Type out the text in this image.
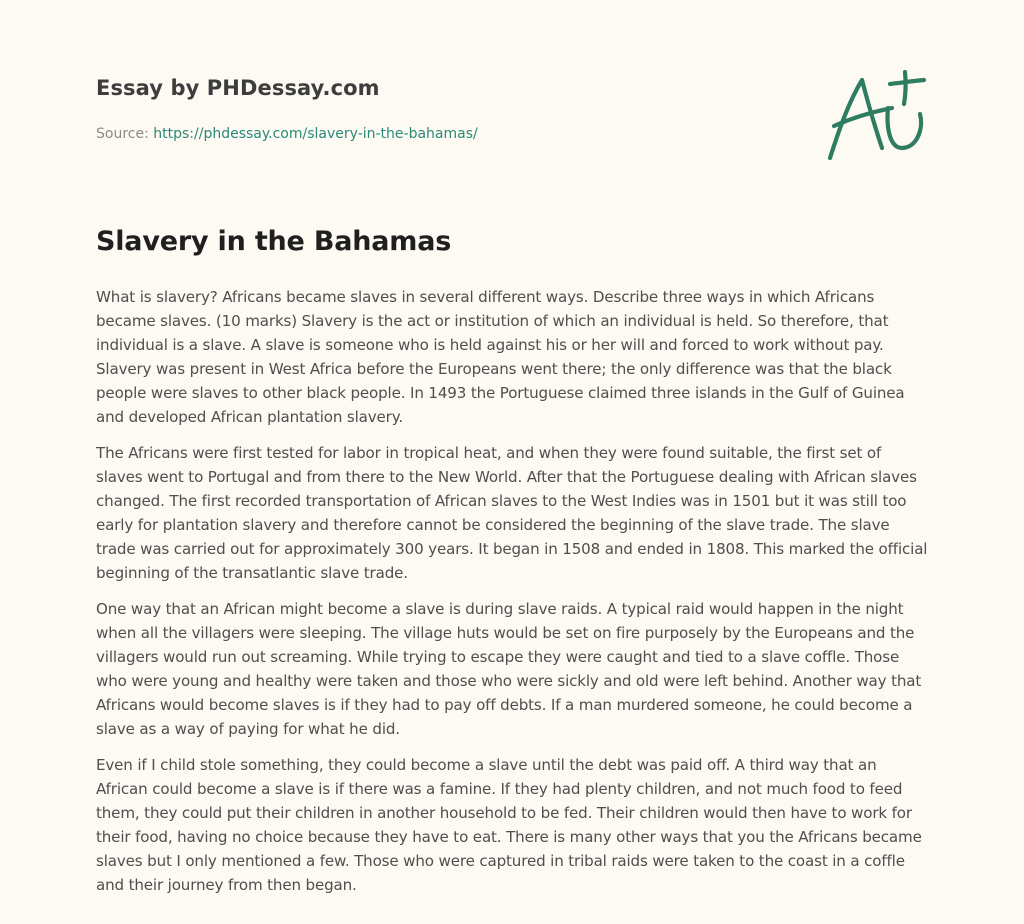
Essay by PHDessay.com
Source: https://phdessay.com/slavery-in-the-bahamas/
Slavery in the Bahamas

What is slavery? Africans became slaves in several different ways. Describe three ways in which Africans became slaves. (10 marks) Slavery is the act or institution of which an individual is held. So therefore, that individual is a slave. A slave is someone who is held against his or her will and forced to work without pay. Slavery was present in West Africa before the Europeans went there; the only difference was that the black people were slaves to other black people. In 1493 the Portuguese claimed three islands in the Gulf of Guinea and developed African plantation slavery.

The Africans were first tested for labor in tropical heat, and when they were found suitable, the first set of slaves went to Portugal and from there to the New World. After that the Portuguese dealing with African slaves changed. The first recorded transportation of African slaves to the West Indies was in 1501 but it was still too early for plantation slavery and therefore cannot be considered the beginning of the slave trade. The slave trade was carried out for approximately 300 years. It began in 1508 and ended in 1808. This marked the official beginning of the transatlantic slave trade.

One way that an African might become a slave is during slave raids. A typical raid would happen in the night when all the villagers were sleeping. The village huts would be set on fire purposely by the Europeans and the villagers would run out screaming. While trying to escape they were caught and tied to a slave coffle. Those who were young and healthy were taken and those who were sickly and old were left behind. Another way that Africans would become slaves is if they had to pay off debts. If a man murdered someone, he could become a slave as a way of paying for what he did.

Even if I child stole something, they could become a slave until the debt was paid off. A third way that an African could become a slave is if there was a famine. If they had plenty children, and not much food to feed them, they could put their children in another household to be fed. Their children would then have to work for their food, having no choice because they have to eat. There is many other ways that you the Africans became slaves but I only mentioned a few. Those who were captured in tribal raids were taken to the coast in a coffle and their journey from then began.
